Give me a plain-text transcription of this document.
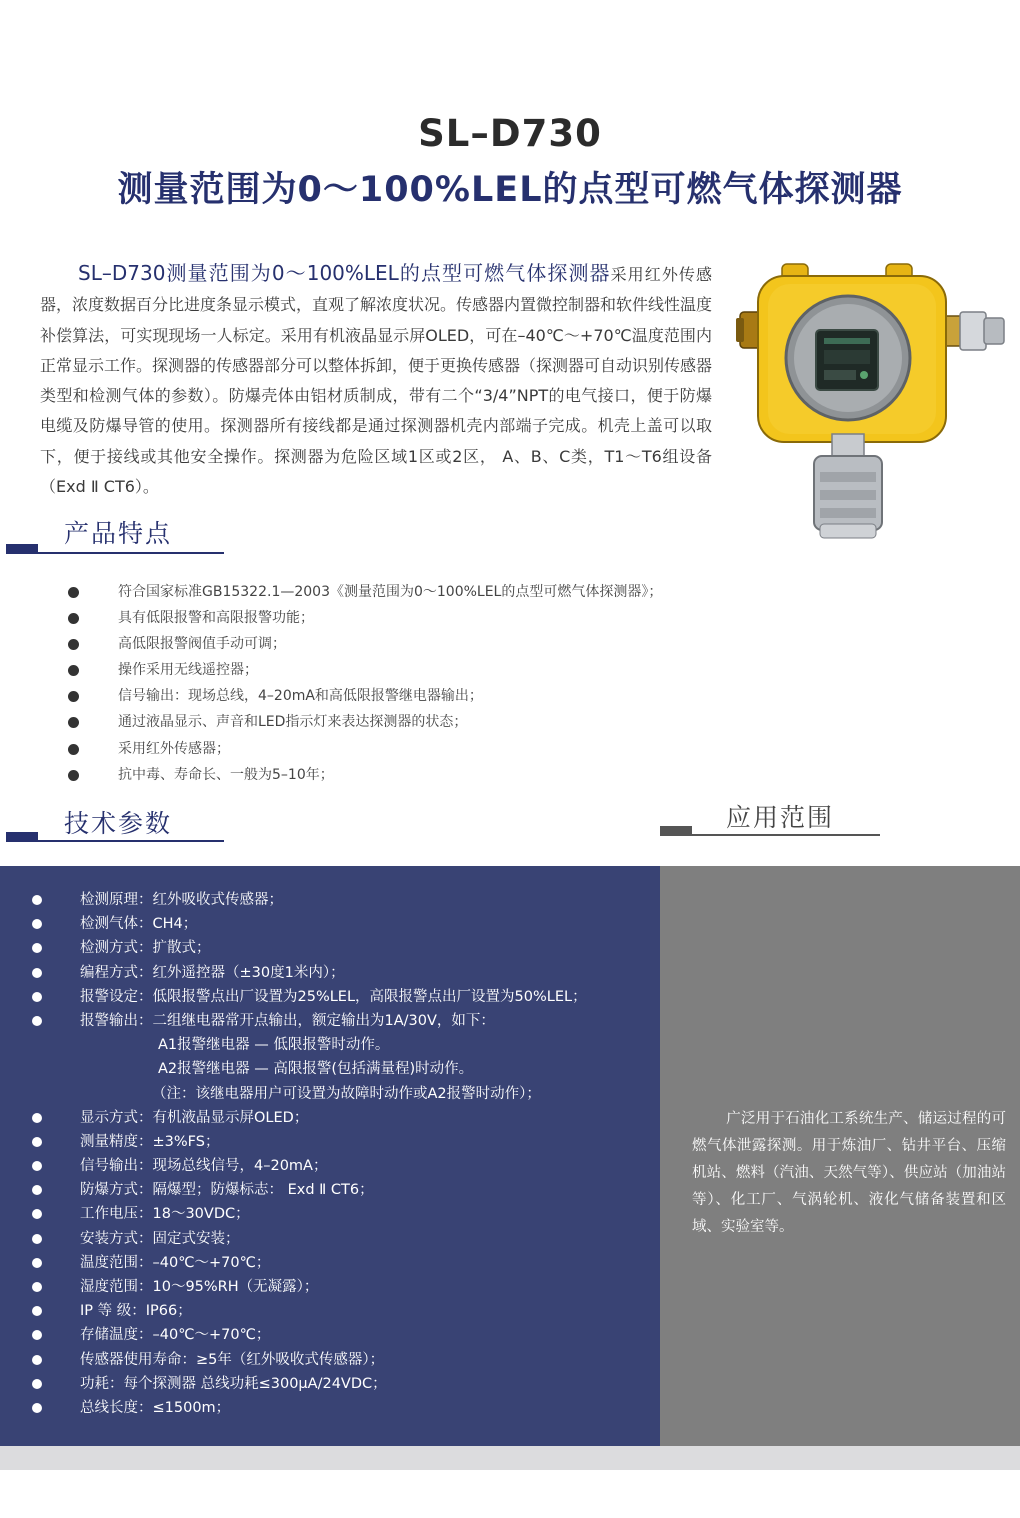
SL–D730
测量范围为0～100%LEL的点型可燃气体探测器
SL–D730测量范围为0～100%LEL的点型可燃气体探测器采用红外传感器，浓度数据百分比进度条显示模式，直观了解浓度状况。传感器内置微控制器和软件线性温度补偿算法，可实现现场一人标定。采用有机液晶显示屏OLED，可在–40℃～+70℃温度范围内正常显示工作。探测器的传感器部分可以整体拆卸，便于更换传感器（探测器可自动识别传感器类型和检测气体的参数）。防爆壳体由铝材质制成，带有二个“3/4”NPT的电气接口，便于防爆电缆及防爆导管的使用。探测器所有接线都是通过探测器机壳内部端子完成。机壳上盖可以取下，便于接线或其他安全操作。探测器为危险区域1区或2区， A、B、C类，T1～T6组设备（Exd Ⅱ CT6）。
产品特点
符合国家标准GB15322.1—2003《测量范围为0～100%LEL的点型可燃气体探测器》；
具有低限报警和高限报警功能；
高低限报警阀值手动可调；
操作采用无线遥控器；
信号输出：现场总线，4–20mA和高低限报警继电器输出；
通过液晶显示、声音和LED指示灯来表达探测器的状态；
采用红外传感器；
抗中毒、寿命长、一般为5–10年；
技术参数	应用范围
检测原理：红外吸收式传感器；
检测气体：CH4；
检测方式：扩散式；
编程方式：红外遥控器（±30度1米内）；
报警设定：低限报警点出厂设置为25%LEL，高限报警点出厂设置为50%LEL；
报警输出：二组继电器常开点输出，额定输出为1A/30V，如下：
A1报警继电器 — 低限报警时动作。
A2报警继电器 — 高限报警(包括满量程)时动作。
（注：该继电器用户可设置为故障时动作或A2报警时动作）；
显示方式：有机液晶显示屏OLED；
测量精度：±3%FS；
信号输出：现场总线信号，4–20mA；
防爆方式：隔爆型；防爆标志： Exd Ⅱ CT6；
工作电压：18～30VDC；
安装方式：固定式安装；
温度范围：–40℃～+70℃；
湿度范围：10～95%RH（无凝露）；
IP 等 级：IP66；
存储温度：–40℃～+70℃；
传感器使用寿命：≥5年（红外吸收式传感器）；
功耗：每个探测器 总线功耗≤300μA/24VDC；
总线长度：≤1500m；
广泛用于石油化工系统生产、储运过程的可燃气体泄露探测。用于炼油厂、钻井平台、压缩机站、燃料（汽油、天然气等）、供应站（加油站等）、化工厂、气涡轮机、液化气储备装置和区域、实验室等。
